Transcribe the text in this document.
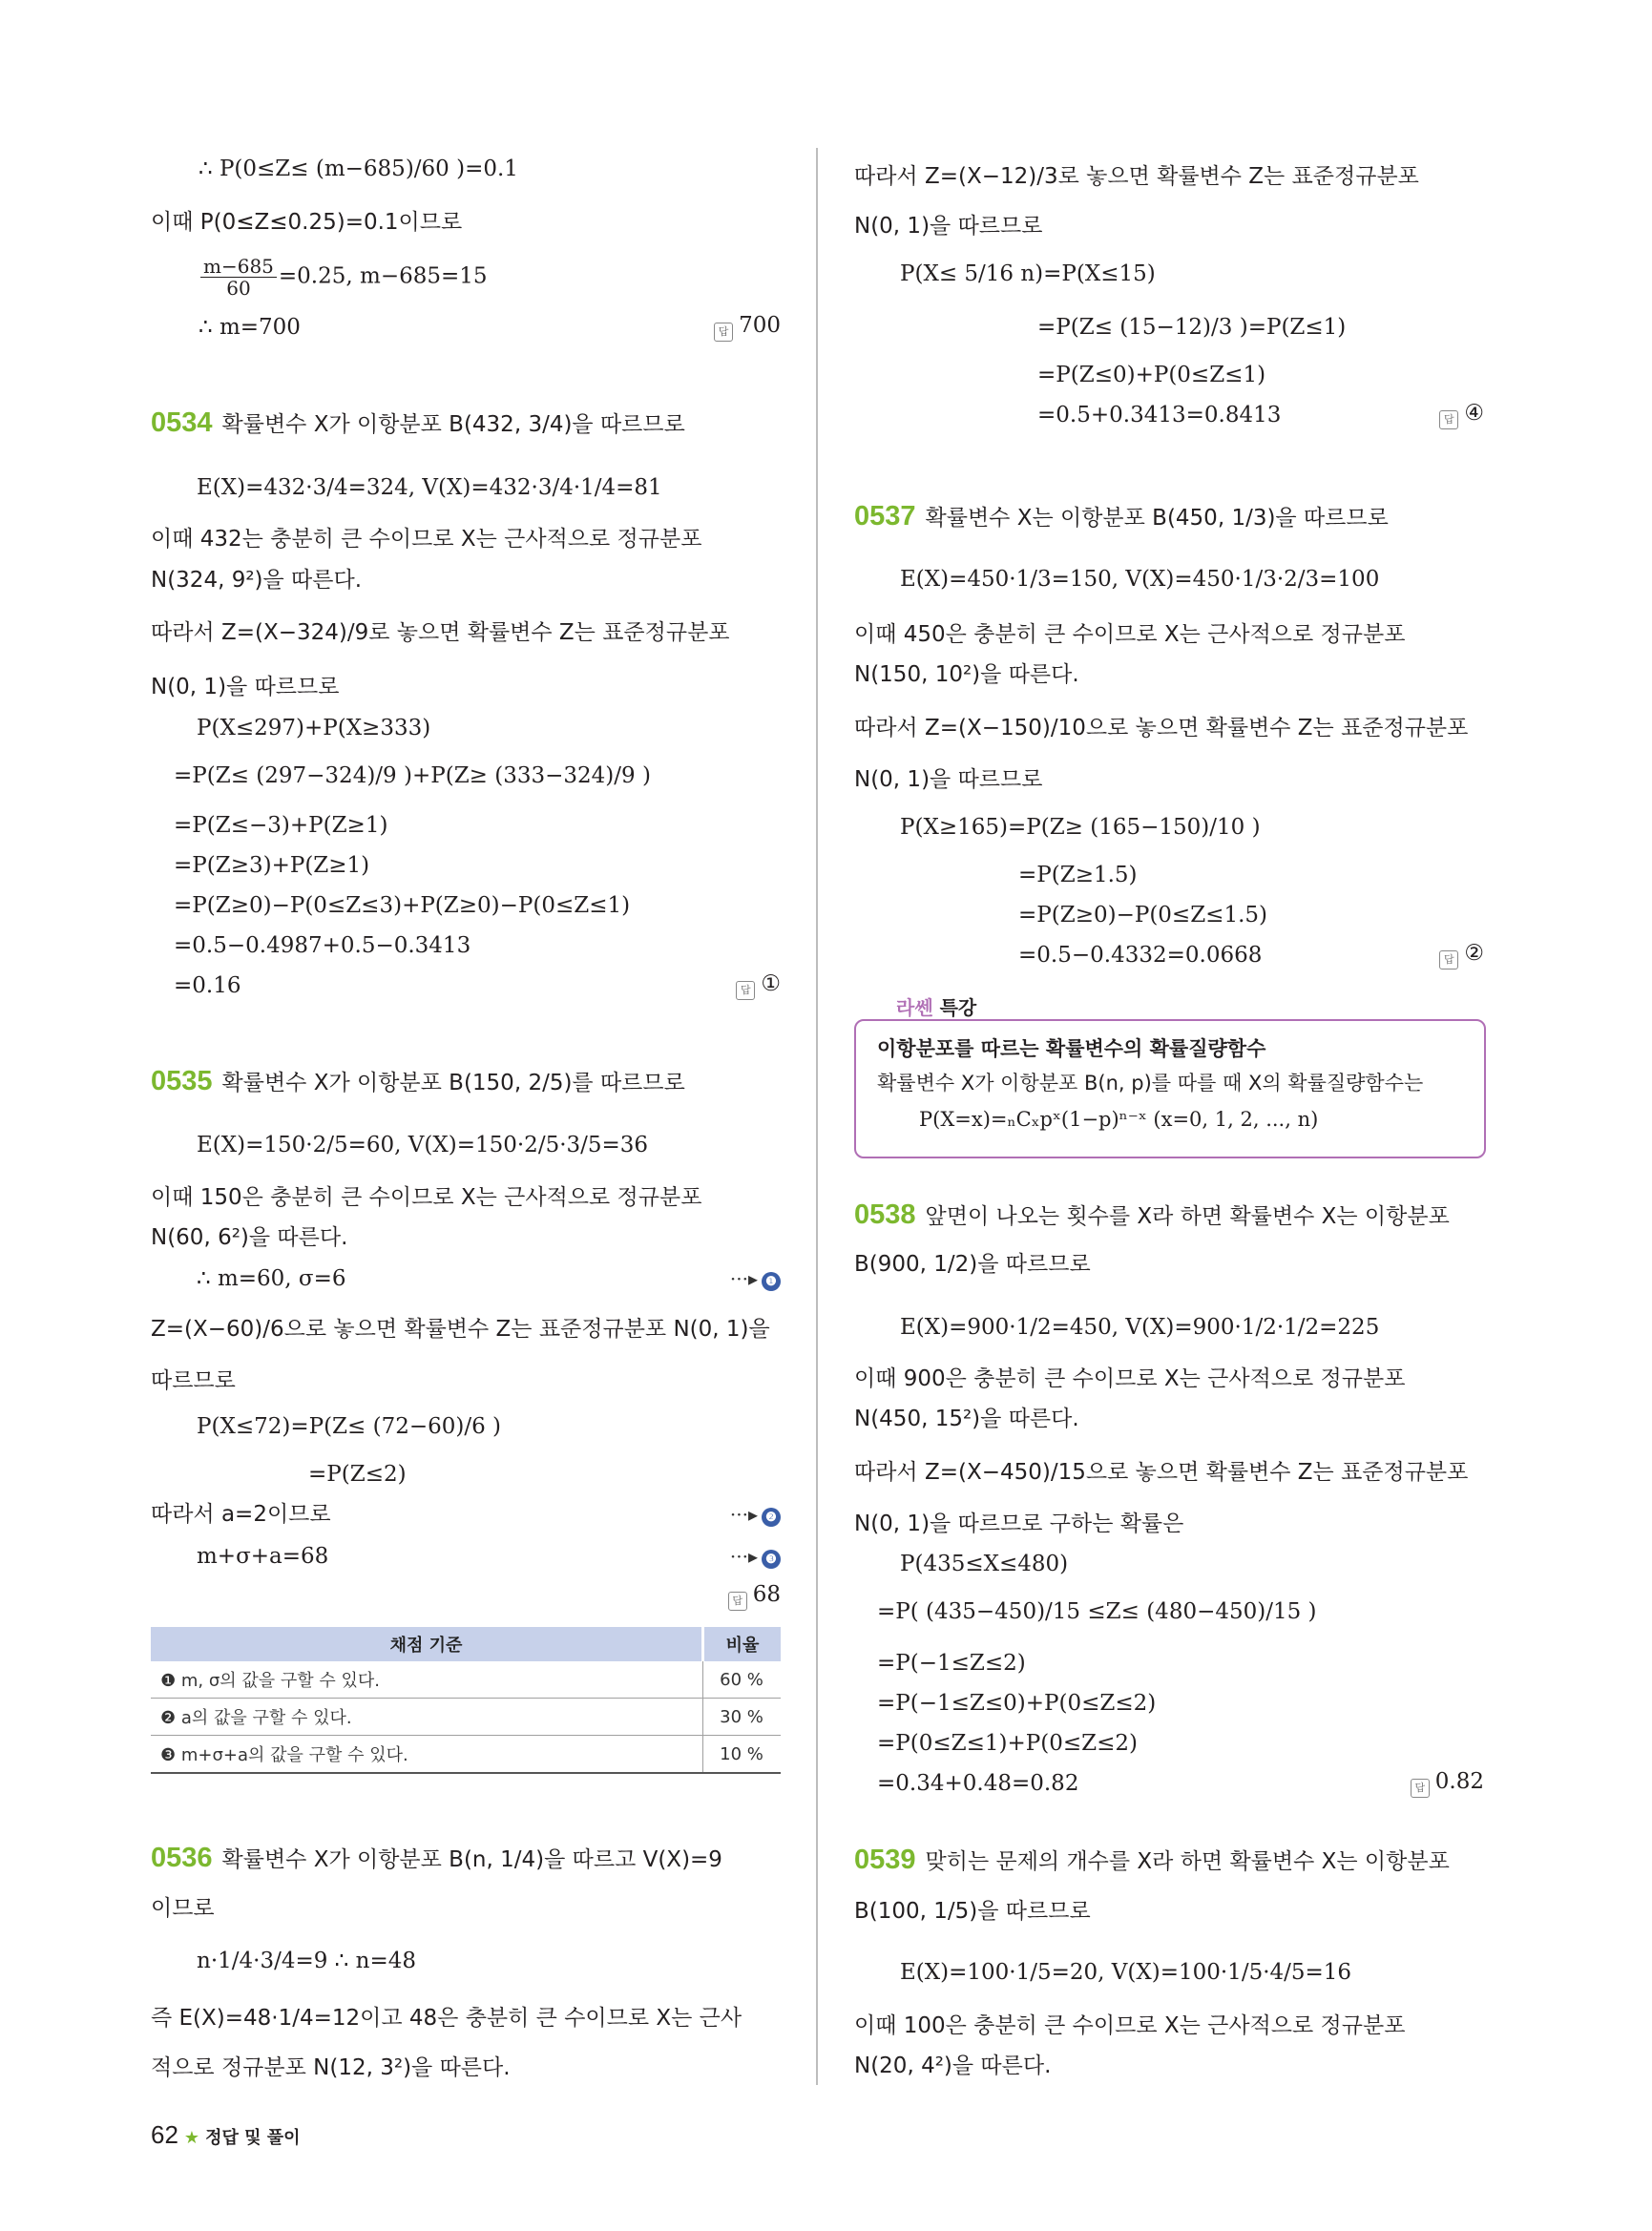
∴ P(0≤Z≤ (m−685)/60 )=0.1
이때 P(0≤Z≤0.25)=0.1이므로
$\frac{m-685}{60} =0.25$, m−685=15
∴ m=700	답 700
0534 확률변수 X가 이항분포 B(432, 3/4)을 따르므로
E(X)=432·3/4=324, V(X)=432·3/4·1/4=81
이때 432는 충분히 큰 수이므로 X는 근사적으로 정규분포
N(324, 9²)을 따른다.
따라서 Z=(X−324)/9로 놓으면 확률변수 Z는 표준정규분포
N(0, 1)을 따르므로
P(X≤297)+P(X≥333)
=P(Z≤ (297−324)/9 )+P(Z≥ (333−324)/9 )
=P(Z≤−3)+P(Z≥1)
=P(Z≥3)+P(Z≥1)
=P(Z≥0)−P(0≤Z≤3)+P(Z≥0)−P(0≤Z≤1)
=0.5−0.4987+0.5−0.3413
=0.16	답 ①
0535 확률변수 X가 이항분포 B(150, 2/5)를 따르므로
E(X)=150·2/5=60, V(X)=150·2/5·3/5=36
이때 150은 충분히 큰 수이므로 X는 근사적으로 정규분포
N(60, 6²)을 따른다.
∴ m=60, σ=6	···▸ ❶
Z=(X−60)/6으로 놓으면 확률변수 Z는 표준정규분포 N(0, 1)을
따르므로
P(X≤72)=P(Z≤ (72−60)/6 )
=P(Z≤2)
따라서 a=2이므로	···▸ ❷
m+σ+a=68	···▸ ❸
답 68
채점 기준	비율
❶ m, σ의 값을 구할 수 있다.	60 %
❷ a의 값을 구할 수 있다.	30 %
❸ m+σ+a의 값을 구할 수 있다.	10 %
0536 확률변수 X가 이항분포 B(n, 1/4)을 따르고 V(X)=9
이므로
n·1/4·3/4=9 ∴ n=48
즉 E(X)=48·1/4=12이고 48은 충분히 큰 수이므로 X는 근사
적으로 정규분포 N(12, 3²)을 따른다.
따라서 Z=(X−12)/3로 놓으면 확률변수 Z는 표준정규분포
N(0, 1)을 따르므로
P(X≤ 5/16 n)=P(X≤15)
=P(Z≤ (15−12)/3 )=P(Z≤1)
=P(Z≤0)+P(0≤Z≤1)
=0.5+0.3413=0.8413	답 ④
0537 확률변수 X는 이항분포 B(450, 1/3)을 따르므로
E(X)=450·1/3=150, V(X)=450·1/3·2/3=100
이때 450은 충분히 큰 수이므로 X는 근사적으로 정규분포
N(150, 10²)을 따른다.
따라서 Z=(X−150)/10으로 놓으면 확률변수 Z는 표준정규분포
N(0, 1)을 따르므로
P(X≥165)=P(Z≥ (165−150)/10 )
=P(Z≥1.5)
=P(Z≥0)−P(0≤Z≤1.5)
=0.5−0.4332=0.0668	답 ②
라쎈 특강
이항분포를 따르는 확률변수의 확률질량함수
확률변수 X가 이항분포 B(n, p)를 따를 때 X의 확률질량함수는
P(X=x)=ₙCₓpˣ(1−p)ⁿ⁻ˣ (x=0, 1, 2, ..., n)
0538 앞면이 나오는 횟수를 X라 하면 확률변수 X는 이항분포
B(900, 1/2)을 따르므로
E(X)=900·1/2=450, V(X)=900·1/2·1/2=225
이때 900은 충분히 큰 수이므로 X는 근사적으로 정규분포
N(450, 15²)을 따른다.
따라서 Z=(X−450)/15으로 놓으면 확률변수 Z는 표준정규분포
N(0, 1)을 따르므로 구하는 확률은
P(435≤X≤480)
=P( (435−450)/15 ≤Z≤ (480−450)/15 )
=P(−1≤Z≤2)
=P(−1≤Z≤0)+P(0≤Z≤2)
=P(0≤Z≤1)+P(0≤Z≤2)
=0.34+0.48=0.82	답 0.82
0539 맞히는 문제의 개수를 X라 하면 확률변수 X는 이항분포
B(100, 1/5)을 따르므로
E(X)=100·1/5=20, V(X)=100·1/5·4/5=16
이때 100은 충분히 큰 수이므로 X는 근사적으로 정규분포
N(20, 4²)을 따른다.
62 ★ 정답 및 풀이
